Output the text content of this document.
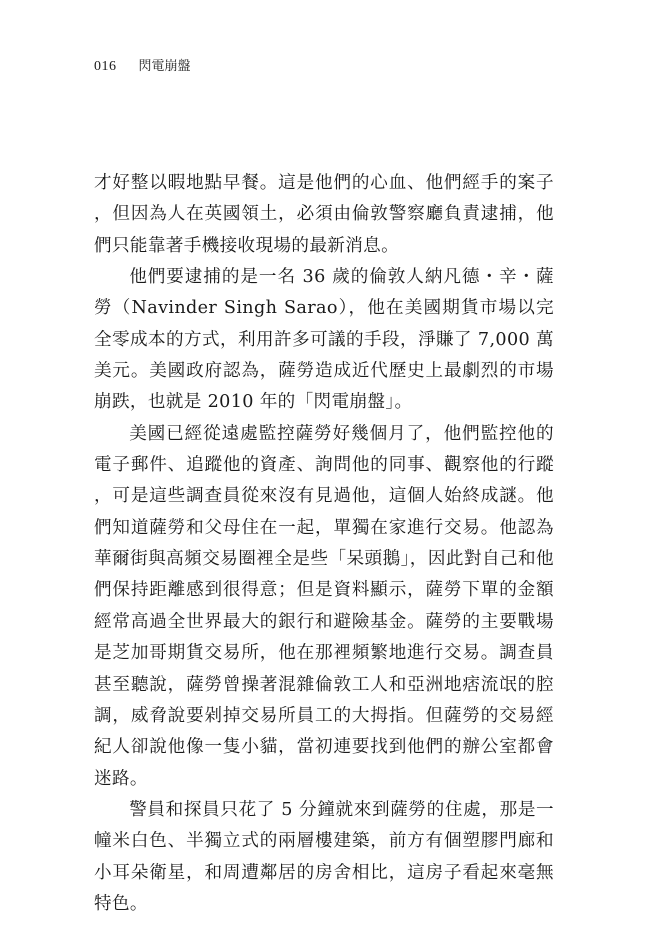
016 閃電崩盤

才好整以暇地點早餐。這是他們的心血、他們經手的案子，但因為人在英國領土，必須由倫敦警察廳負責逮捕，他們只能靠著手機接收現場的最新消息。

他們要逮捕的是一名 36 歲的倫敦人納凡德・辛・薩勞（Navinder Singh Sarao），他在美國期貨市場以完全零成本的方式，利用許多可議的手段，淨賺了 7,000 萬美元。美國政府認為，薩勞造成近代歷史上最劇烈的市場崩跌，也就是 2010 年的「閃電崩盤」。

美國已經從遠處監控薩勞好幾個月了，他們監控他的電子郵件、追蹤他的資產、詢問他的同事、觀察他的行蹤，可是這些調查員從來沒有見過他，這個人始終成謎。他們知道薩勞和父母住在一起，單獨在家進行交易。他認為華爾街與高頻交易圈裡全是些「呆頭鵝」，因此對自己和他們保持距離感到很得意；但是資料顯示，薩勞下單的金額經常高過全世界最大的銀行和避險基金。薩勞的主要戰場是芝加哥期貨交易所，他在那裡頻繁地進行交易。調查員甚至聽說，薩勞曾操著混雜倫敦工人和亞洲地痞流氓的腔調，威脅說要剁掉交易所員工的大拇指。但薩勞的交易經紀人卻說他像一隻小貓，當初連要找到他們的辦公室都會迷路。

警員和探員只花了 5 分鐘就來到薩勞的住處，那是一幢米白色、半獨立式的兩層樓建築，前方有個塑膠門廊和小耳朵衛星，和周遭鄰居的房舍相比，這房子看起來毫無特色。
